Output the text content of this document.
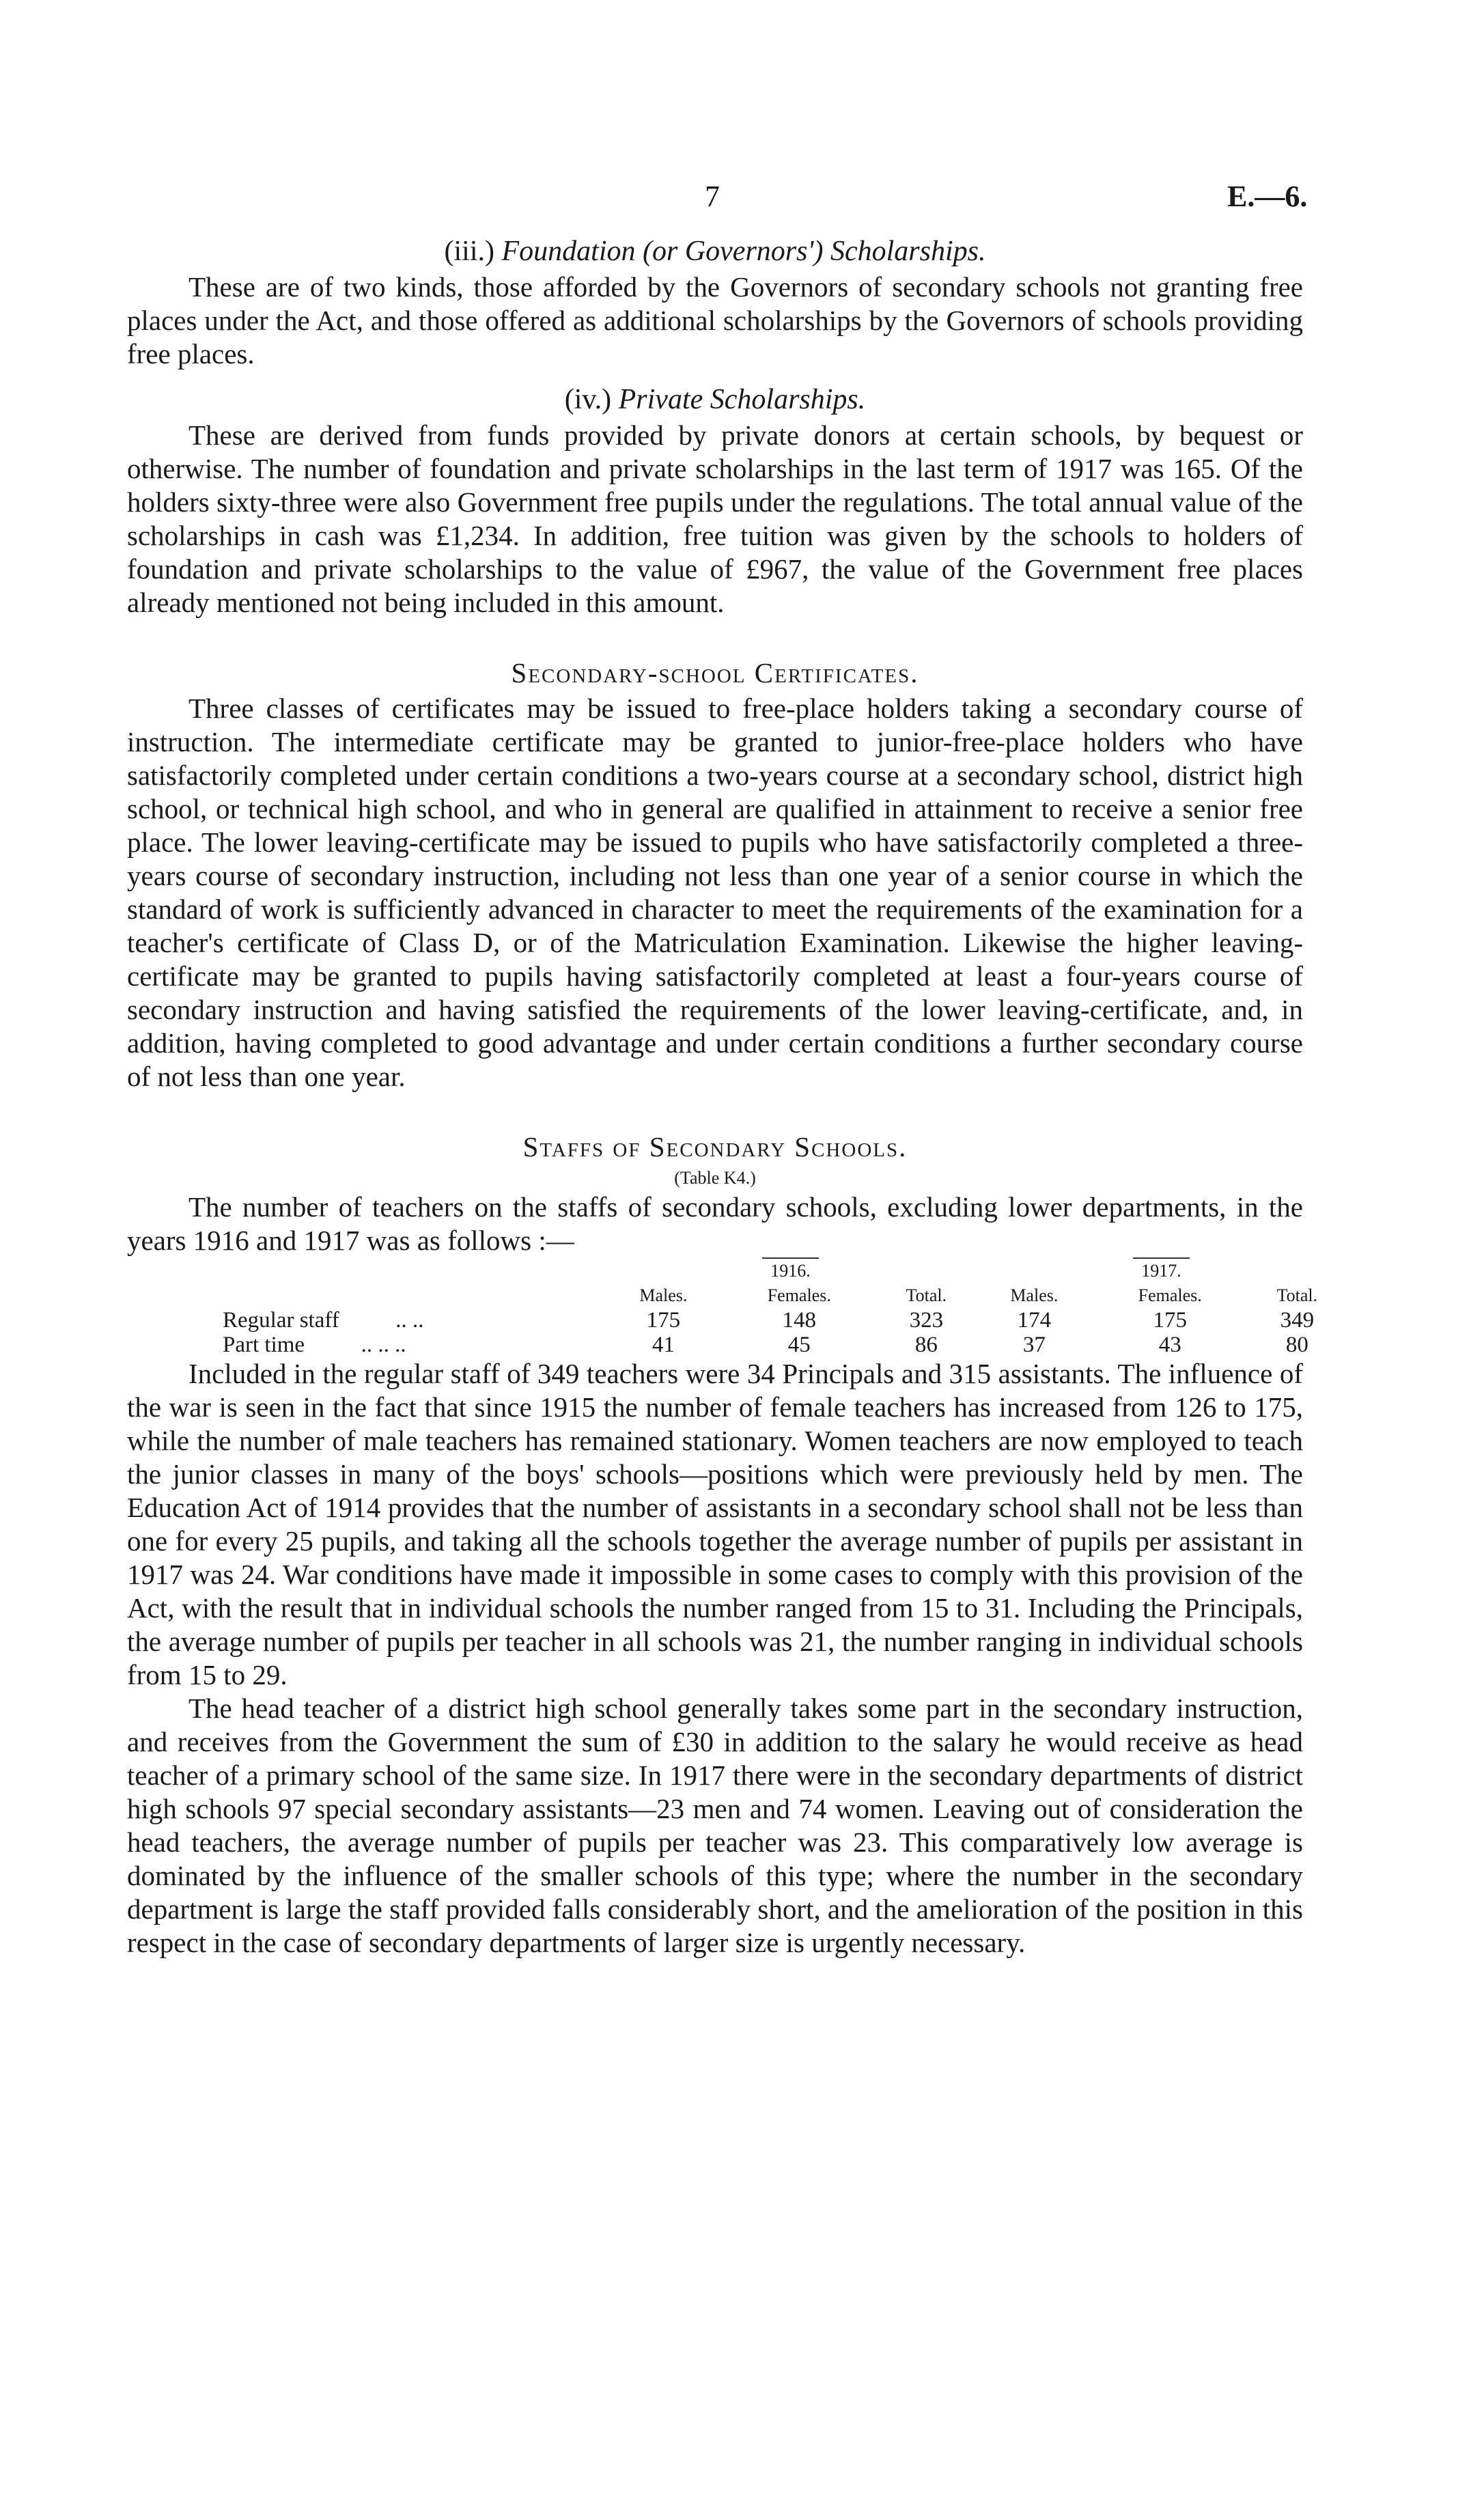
7	E.—6.
(iii.) Foundation (or Governors') Scholarships.

These are of two kinds, those afforded by the Governors of secondary schools not granting free places under the Act, and those offered as additional scholarships by the Governors of schools providing free places.

(iv.) Private Scholarships.

These are derived from funds provided by private donors at certain schools, by bequest or otherwise. The number of foundation and private scholarships in the last term of 1917 was 165. Of the holders sixty-three were also Government free pupils under the regulations. The total annual value of the scholarships in cash was £1,234. In addition, free tuition was given by the schools to holders of foundation and private scholarships to the value of £967, the value of the Government free places already mentioned not being included in this amount.

Secondary-school Certificates.

Three classes of certificates may be issued to free-place holders taking a secondary course of instruction. The intermediate certificate may be granted to junior-free-place holders who have satisfactorily completed under certain conditions a two-years course at a secondary school, district high school, or technical high school, and who in general are qualified in attainment to receive a senior free place. The lower leaving-certificate may be issued to pupils who have satisfactorily completed a three-years course of secondary instruction, including not less than one year of a senior course in which the standard of work is sufficiently advanced in character to meet the requirements of the examination for a teacher's certificate of Class D, or of the Matriculation Examination. Likewise the higher leaving-certificate may be granted to pupils having satisfactorily completed at least a four-years course of secondary instruction and having satisfied the requirements of the lower leaving-certificate, and, in addition, having completed to good advantage and under certain conditions a further secondary course of not less than one year.

Staffs of Secondary Schools.
(Table K4.)

The number of teachers on the staffs of secondary schools, excluding lower departments, in the years 1916 and 1917 was as follows :—

	1916.			1917.		
	Males.	Females.	Total.	Males.	Females.	Total.
Regular staff .. ..	175	148	323	174	175	349
Part time .. .. ..	41	45	86	37	43	80

Included in the regular staff of 349 teachers were 34 Principals and 315 assistants. The influence of the war is seen in the fact that since 1915 the number of female teachers has increased from 126 to 175, while the number of male teachers has remained stationary. Women teachers are now employed to teach the junior classes in many of the boys' schools—positions which were previously held by men. The Education Act of 1914 provides that the number of assistants in a secondary school shall not be less than one for every 25 pupils, and taking all the schools together the average number of pupils per assistant in 1917 was 24. War conditions have made it impossible in some cases to comply with this provision of the Act, with the result that in individual schools the number ranged from 15 to 31. Including the Principals, the average number of pupils per teacher in all schools was 21, the number ranging in individual schools from 15 to 29.

The head teacher of a district high school generally takes some part in the secondary instruction, and receives from the Government the sum of £30 in addition to the salary he would receive as head teacher of a primary school of the same size. In 1917 there were in the secondary departments of district high schools 97 special secondary assistants—23 men and 74 women. Leaving out of consideration the head teachers, the average number of pupils per teacher was 23. This comparatively low average is dominated by the influence of the smaller schools of this type; where the number in the secondary department is large the staff provided falls considerably short, and the amelioration of the position in this respect in the case of secondary departments of larger size is urgently necessary.
